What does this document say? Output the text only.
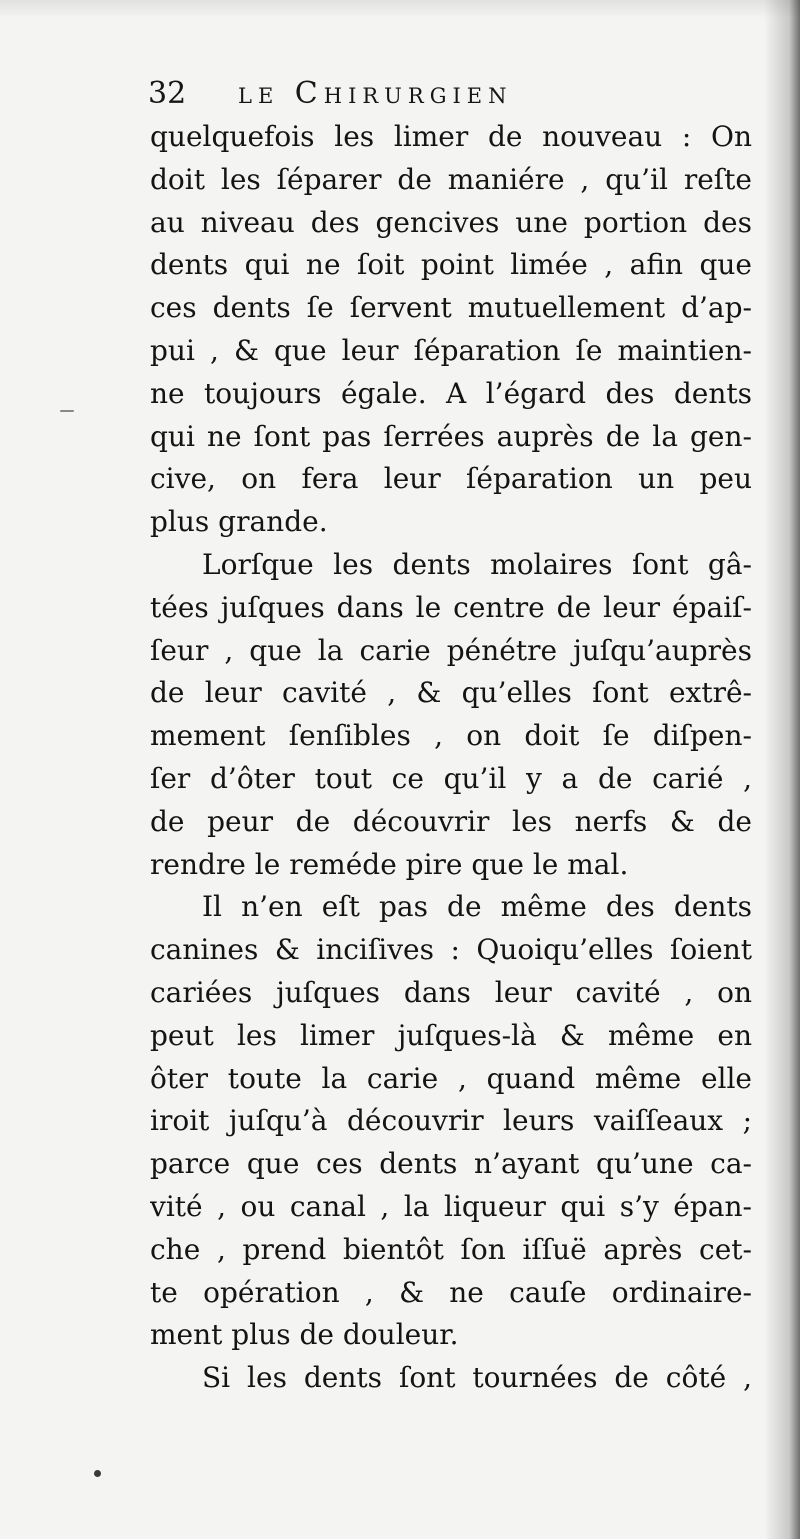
32 le Chirurgien
quelquefois les limer de nouveau : On
doit les ſéparer de maniére , qu’il reſte
au niveau des gencives une portion des
dents qui ne ſoit point limée , afin que
ces dents ſe ſervent mutuellement d’ap-
pui , & que leur ſéparation ſe maintien-
ne toujours égale. A l’égard des dents
qui ne ſont pas ſerrées auprès de la gen-
cive, on fera leur ſéparation un peu
plus grande.
Lorſque les dents molaires ſont gâ-
tées juſques dans le centre de leur épaiſ-
ſeur , que la carie pénétre juſqu’auprès
de leur cavité , & qu’elles ſont extrê-
mement ſenſibles , on doit ſe diſpen-
ſer d’ôter tout ce qu’il y a de carié ,
de peur de découvrir les nerfs & de
rendre le reméde pire que le mal.
Il n’en eſt pas de même des dents
canines & inciſives : Quoiqu’elles ſoient
cariées juſques dans leur cavité , on
peut les limer juſques-là & même en
ôter toute la carie , quand même elle
iroit juſqu’à découvrir leurs vaiſſeaux ;
parce que ces dents n’ayant qu’une ca-
vité , ou canal , la liqueur qui s’y épan-
che , prend bientôt ſon iſſuë après cet-
te opération , & ne cauſe ordinaire-
ment plus de douleur.
Si les dents ſont tournées de côté ,
